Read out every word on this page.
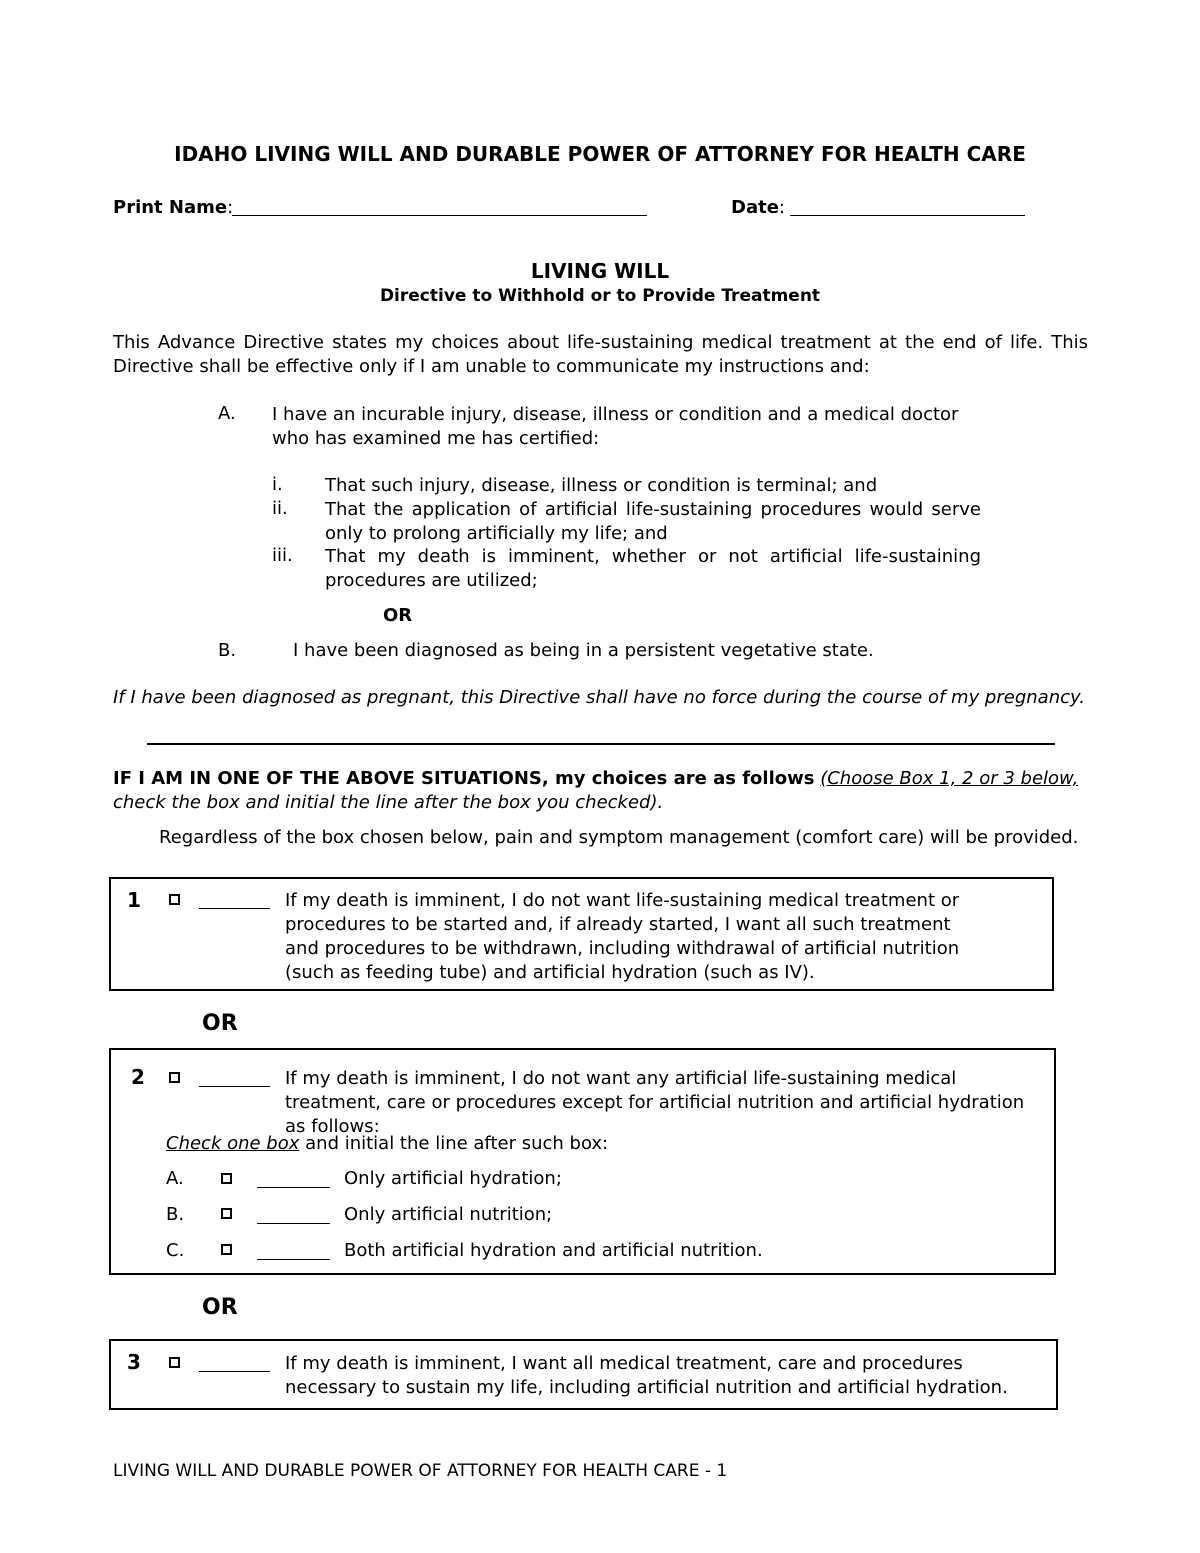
IDAHO LIVING WILL AND DURABLE POWER OF ATTORNEY FOR HEALTH CARE
Print Name:	Date:
LIVING WILL
Directive to Withhold or to Provide Treatment
This Advance Directive states my choices about life-sustaining medical treatment at the end of life. This Directive shall be effective only if I am unable to communicate my instructions and:
A. I have an incurable injury, disease, illness or condition and a medical doctor who has examined me has certified:
i. That such injury, disease, illness or condition is terminal; and
ii. That the application of artificial life-sustaining procedures would serve only to prolong artificially my life; and
iii. That my death is imminent, whether or not artificial life-sustaining procedures are utilized;
OR
B.	I have been diagnosed as being in a persistent vegetative state.
If I have been diagnosed as pregnant, this Directive shall have no force during the course of my pregnancy.
IF I AM IN ONE OF THE ABOVE SITUATIONS, my choices are as follows (Choose Box 1, 2 or 3 below, check the box and initial the line after the box you checked).
Regardless of the box chosen below, pain and symptom management (comfort care) will be provided.
1	If my death is imminent, I do not want life-sustaining medical treatment or procedures to be started and, if already started, I want all such treatment and procedures to be withdrawn, including withdrawal of artificial nutrition (such as feeding tube) and artificial hydration (such as IV).
OR
2	If my death is imminent, I do not want any artificial life-sustaining medical treatment, care or procedures except for artificial nutrition and artificial hydration as follows:
Check one box and initial the line after such box:
A.	Only artificial hydration;
B.	Only artificial nutrition;
C.	Both artificial hydration and artificial nutrition.
OR
3	If my death is imminent, I want all medical treatment, care and procedures necessary to sustain my life, including artificial nutrition and artificial hydration.
LIVING WILL AND DURABLE POWER OF ATTORNEY FOR HEALTH CARE - 1
